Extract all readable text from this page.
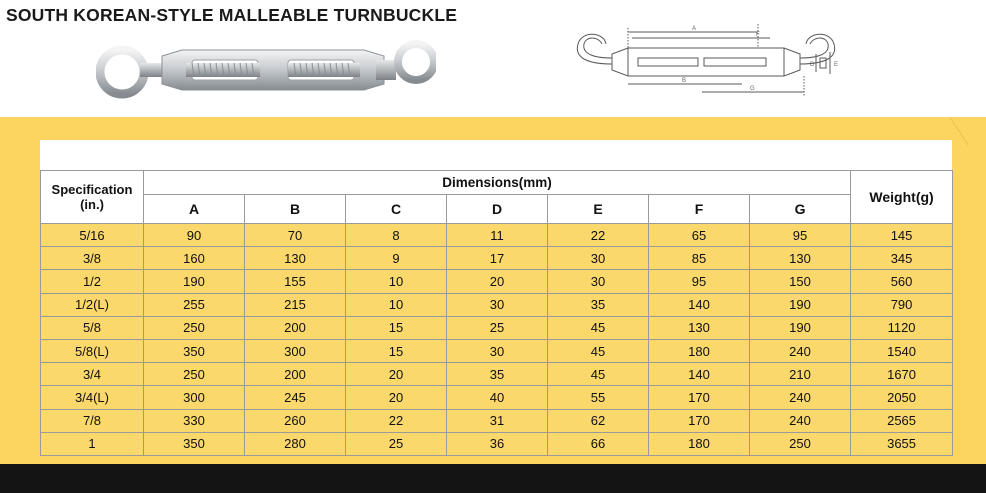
SOUTH KOREAN-STYLE MALLEABLE TURNBUCKLE
A
F
B
G
D	E
Specification
(in.)	Dimensions(mm)							Weight(g)
	A	B	C	D	E	F	G	
5/16	90	70	8	11	22	65	95	145
3/8	160	130	9	17	30	85	130	345
1/2	190	155	10	20	30	95	150	560
1/2(L)	255	215	10	30	35	140	190	790
5/8	250	200	15	25	45	130	190	1120
5/8(L)	350	300	15	30	45	180	240	1540
3/4	250	200	20	35	45	140	210	1670
3/4(L)	300	245	20	40	55	170	240	2050
7/8	330	260	22	31	62	170	240	2565
1	350	280	25	36	66	180	250	3655
